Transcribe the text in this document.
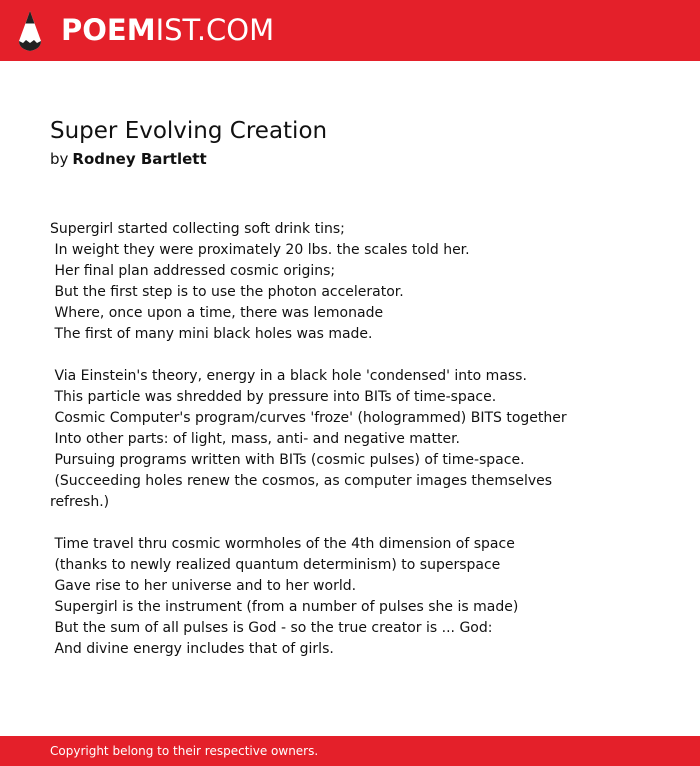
POEMIST.COM
Super Evolving Creation
by Rodney Bartlett
Supergirl started collecting soft drink tins;
In weight they were proximately 20 lbs. the scales told her.
Her final plan addressed cosmic origins;
But the first step is to use the photon accelerator.
Where, once upon a time, there was lemonade
The first of many mini black holes was made.
Via Einstein's theory, energy in a black hole 'condensed' into mass.
This particle was shredded by pressure into BITs of time-space.
Cosmic Computer's program/curves 'froze' (hologrammed) BITS together
Into other parts: of light, mass, anti- and negative matter.
Pursuing programs written with BITs (cosmic pulses) of time-space.
(Succeeding holes renew the cosmos, as computer images themselves
refresh.)
Time travel thru cosmic wormholes of the 4th dimension of space
(thanks to newly realized quantum determinism) to superspace
Gave rise to her universe and to her world.
Supergirl is the instrument (from a number of pulses she is made)
But the sum of all pulses is God - so the true creator is ... God:
And divine energy includes that of girls.
Copyright belong to their respective owners.
